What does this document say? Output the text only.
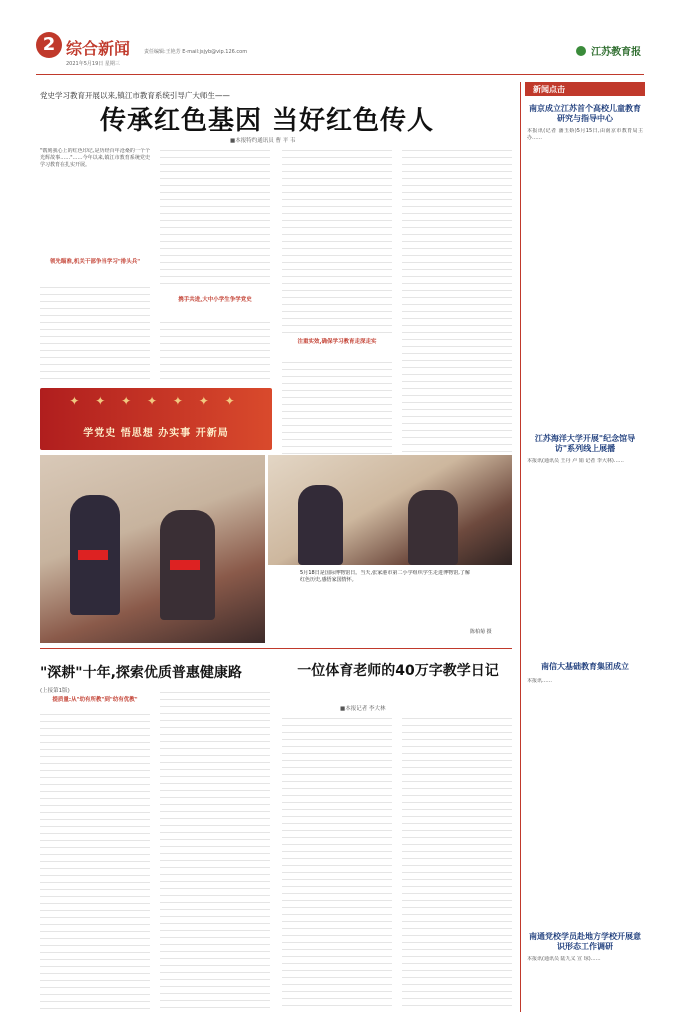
2 综合新闻	责任编辑:王艳芳 E-mail:jsjyb@vip.126.com
2021年5月19日 星期三
江苏教育报
党史学习教育开展以来,镇江市教育系统引导广大师生——
传承红色基因 当好红色传人
■本报特约通讯员 曹 平 韦
"镌刻我心上的红色印记,是历经百年沧桑的一个个光辉故事……"……今年以来,镇江市教育系统党史学习教育在扎实开展。
领先瞄准,机关干部争当学习"排头兵"
携手共进,大中小学生争学党史
注重实效,确保学习教育走深走实
✦ ✦ ✦ ✦ ✦ ✦ ✦
学党史 悟思想 办实事 开新局
5月18日是国际博物馆日。当天,张家港市第二小学组织学生走进博物馆,了解红色历史,感悟家国情怀。
陈柏菊 摄
新闻点击
南京成立江苏首个高校儿童教育研究与指导中心
本报讯(记者 潘玉娇)5月15日,由南京市教育局主办……
江苏海洋大学开展"纪念馆导访"系列线上展播
本报讯(通讯员 王丹 卢 娟 记者 李大林)……
南信大基础教育集团成立
本报讯……
南通党校学员赴地方学校开展意识形态工作调研
本报讯(通讯员 陆九义 宣 琼)……
"深耕"十年,探索优质普惠健康路
(上接第1版)
提质量:从"幼有所教"到"幼有优教"
一位体育老师的40万字教学日记
■本报记者 李大林
